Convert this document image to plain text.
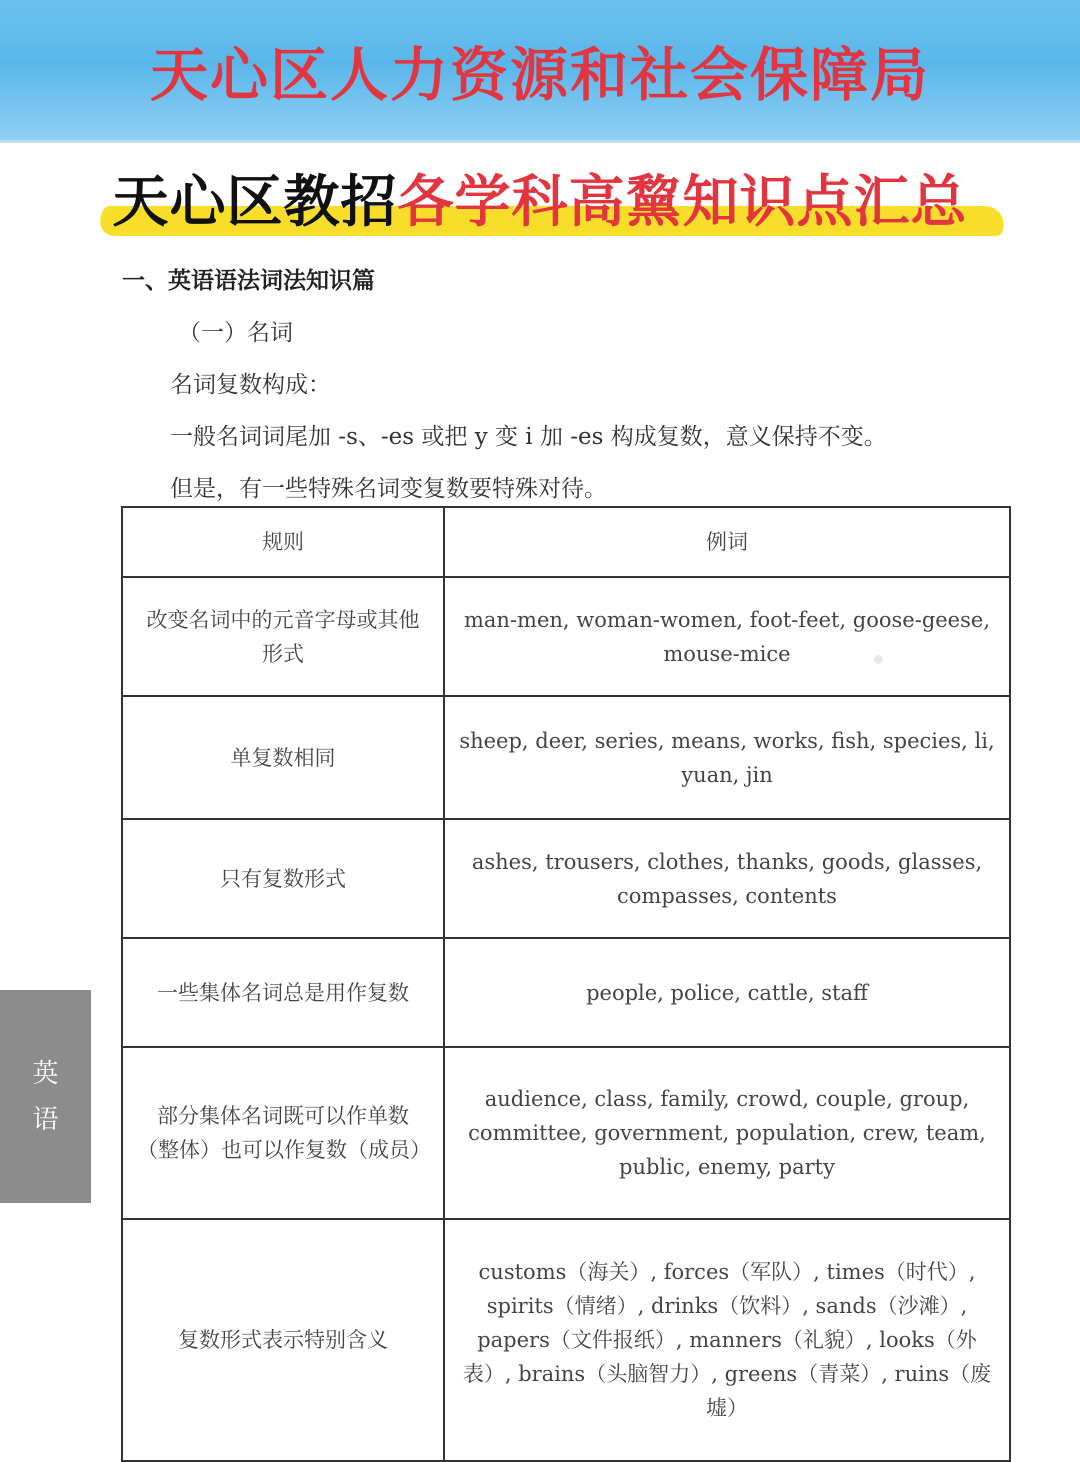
天心区人力资源和社会保障局
天心区教招各学科高黧知识点汇总
一、英语语法词法知识篇
（一）名词
名词复数构成：
一般名词词尾加 -s、-es 或把 y 变 i 加 -es 构成复数，意义保持不变。
但是，有一些特殊名词变复数要特殊对待。
规则	例词
改变名词中的元音字母或其他形式	man-men, woman-women, foot-feet, goose-geese, mouse-mice
单复数相同	sheep, deer, series, means, works, fish, species, li, yuan, jin
只有复数形式	ashes, trousers, clothes, thanks, goods, glasses, compasses, contents
一些集体名词总是用作复数	people, police, cattle, staff
部分集体名词既可以作单数（整体）也可以作复数（成员）	audience, class, family, crowd, couple, group, committee, government, population, crew, team, public, enemy, party
复数形式表示特别含义	customs（海关）, forces（军队）, times（时代）, spirits（情绪）, drinks（饮料）, sands（沙滩）, papers（文件报纸）, manners（礼貌）, looks（外表）, brains（头脑智力）, greens（青菜）, ruins（废墟）
英语
